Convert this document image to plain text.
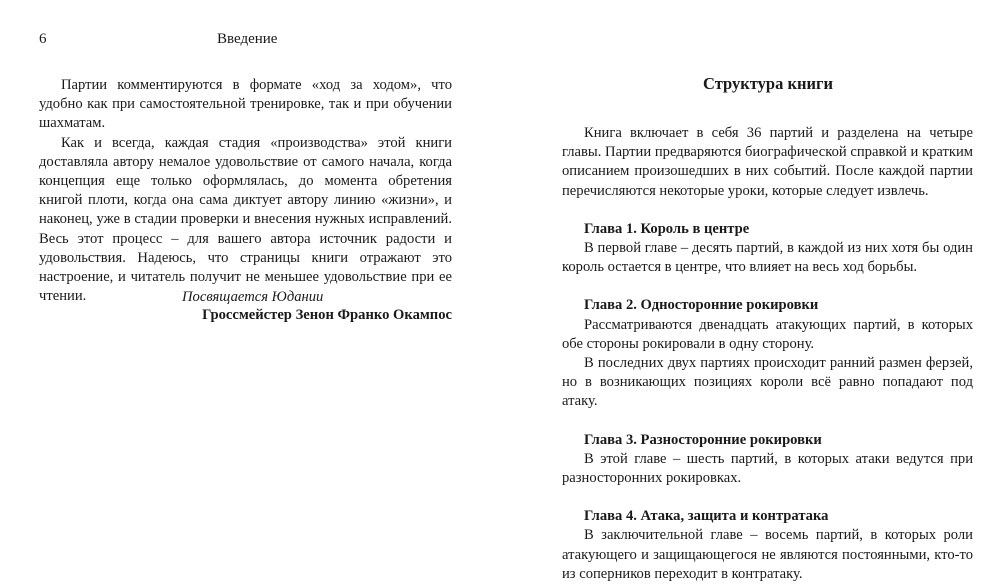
6	Введение

Партии комментируются в формате «ход за ходом», что удобно как при самостоятельной тренировке, так и при обучении шахматам.

Как и всегда, каждая стадия «производства» этой книги доставляла автору немалое удовольствие от самого начала, когда концепция еще только оформлялась, до момента обретения книгой плоти, когда она сама диктует автору линию «жизни», и наконец, уже в стадии проверки и внесения нужных исправлений. Весь этот процесс – для вашего автора источник радости и удовольствия. Надеюсь, что страницы книги отражают это настроение, и читатель получит не меньшее удовольствие при ее чтении.

Гроссмейстер Зенон Франко Окампос

Посвящается Юдании
Структура книги

Книга включает в себя 36 партий и разделена на четыре главы. Партии предваряются биографической справкой и кратким описанием произошедших в них событий. После каждой партии перечисляются некоторые уроки, которые следует извлечь.

Глава 1. Король в центре

В первой главе – десять партий, в каждой из них хотя бы один король остается в центре, что влияет на весь ход борьбы.

Глава 2. Односторонние рокировки

Рассматриваются двенадцать атакующих партий, в которых обе стороны рокировали в одну сторону.

В последних двух партиях происходит ранний размен ферзей, но в возникающих позициях короли всё равно попадают под атаку.

Глава 3. Разносторонние рокировки

В этой главе – шесть партий, в которых атаки ведутся при разносторонних рокировках.

Глава 4. Атака, защита и контратака

В заключительной главе – восемь партий, в которых роли атакующего и защищающегося не являются постоянными, кто-то из соперников переходит в контратаку.
